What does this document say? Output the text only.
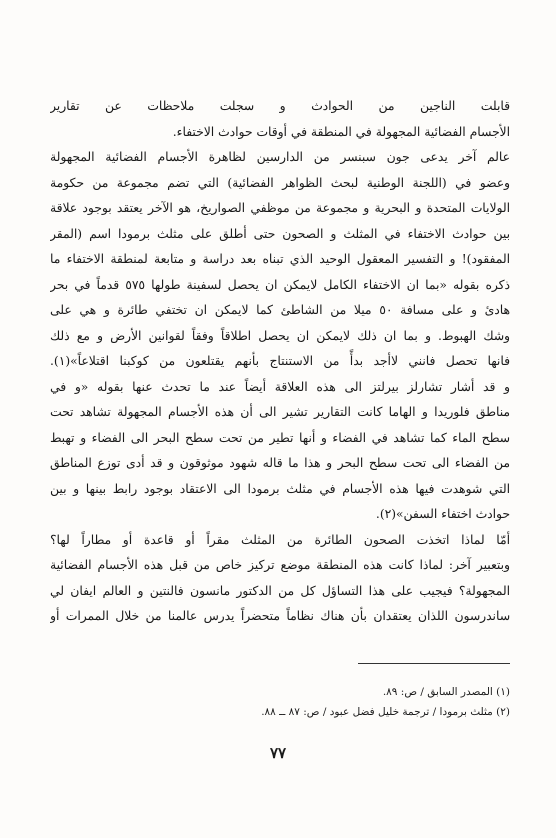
قابلت الناجين من الحوادث و سجلت ملاحظات عن تقارير
الأجسام الفضائية المجهولة في المنطقة في أوقات حوادث الاختفاء.
عالم آخر يدعى جون سبنسر من الدارسين لظاهرة الأجسام الفضائية المجهولة
وعضو في (اللجنة الوطنية لبحث الظواهر الفضائية) التي تضم مجموعة من حكومة
الولايات المتحدة و البحرية و مجموعة من موظفي الصواريخ، هو الآخر يعتقد بوجود علاقة
بين حوادث الاختفاء في المثلث و الصحون حتى أطلق على مثلث برمودا اسم (المقر
المفقود)! و التفسير المعقول الوحيد الذي تبناه بعد دراسة و متابعة لمنطقة الاختفاء ما
ذكره بقوله «بما ان الاختفاء الكامل لايمكن ان يحصل لسفينة طولها ٥٧٥ قدماً في بحر
هادئ و على مسافة ٥٠ ميلا من الشاطئ كما لايمكن ان تختفي طائرة و هي على
وشك الهبوط. و بما ان ذلك لايمكن ان يحصل اطلاقاً وفقاً لقوانين الأرض و مع ذلك
فانها تحصل فانني لاأجد بدأً من الاستنتاج بأنهم يقتلعون من كوكبنا اقتلاعاً»(١).
و قد أشار تشارلز بيرلتز الى هذه العلاقة أيضاً عند ما تحدث عنها بقوله «و في
مناطق فلوريدا و الهاما كانت التقارير تشير الى أن هذه الأجسام المجهولة تشاهد تحت
سطح الماء كما تشاهد في الفضاء و أنها تطير من تحت سطح البحر الى الفضاء و تهبط
من الفضاء الى تحت سطح البحر و هذا ما قاله شهود موثوقون و قد أدى توزع المناطق
التي شوهدت فيها هذه الأجسام في مثلث برمودا الى الاعتقاد بوجود رابط بينها و بين
حوادث اختفاء السفن»(٢).
أمّا لماذا اتخذت الصحون الطائرة من المثلث مقراً أو قاعدة أو مطاراً لها؟
وبتعبير آخر: لماذا كانت هذه المنطقة موضع تركيز خاص من قبل هذه الأجسام الفضائية
المجهولة؟ فيجيب على هذا التساؤل كل من الدكتور مانسون فالنتين و العالم ايفان لي
ساندرسون اللذان يعتقدان بأن هناك نظاماً متحضراً يدرس عالمنا من خلال الممرات أو
(١) المصدر السابق / ص: ٨٩.
(٢) مثلث برمودا / ترجمة خليل فضل عبود / ص: ٨٧ ــ ٨٨.
٧٧
